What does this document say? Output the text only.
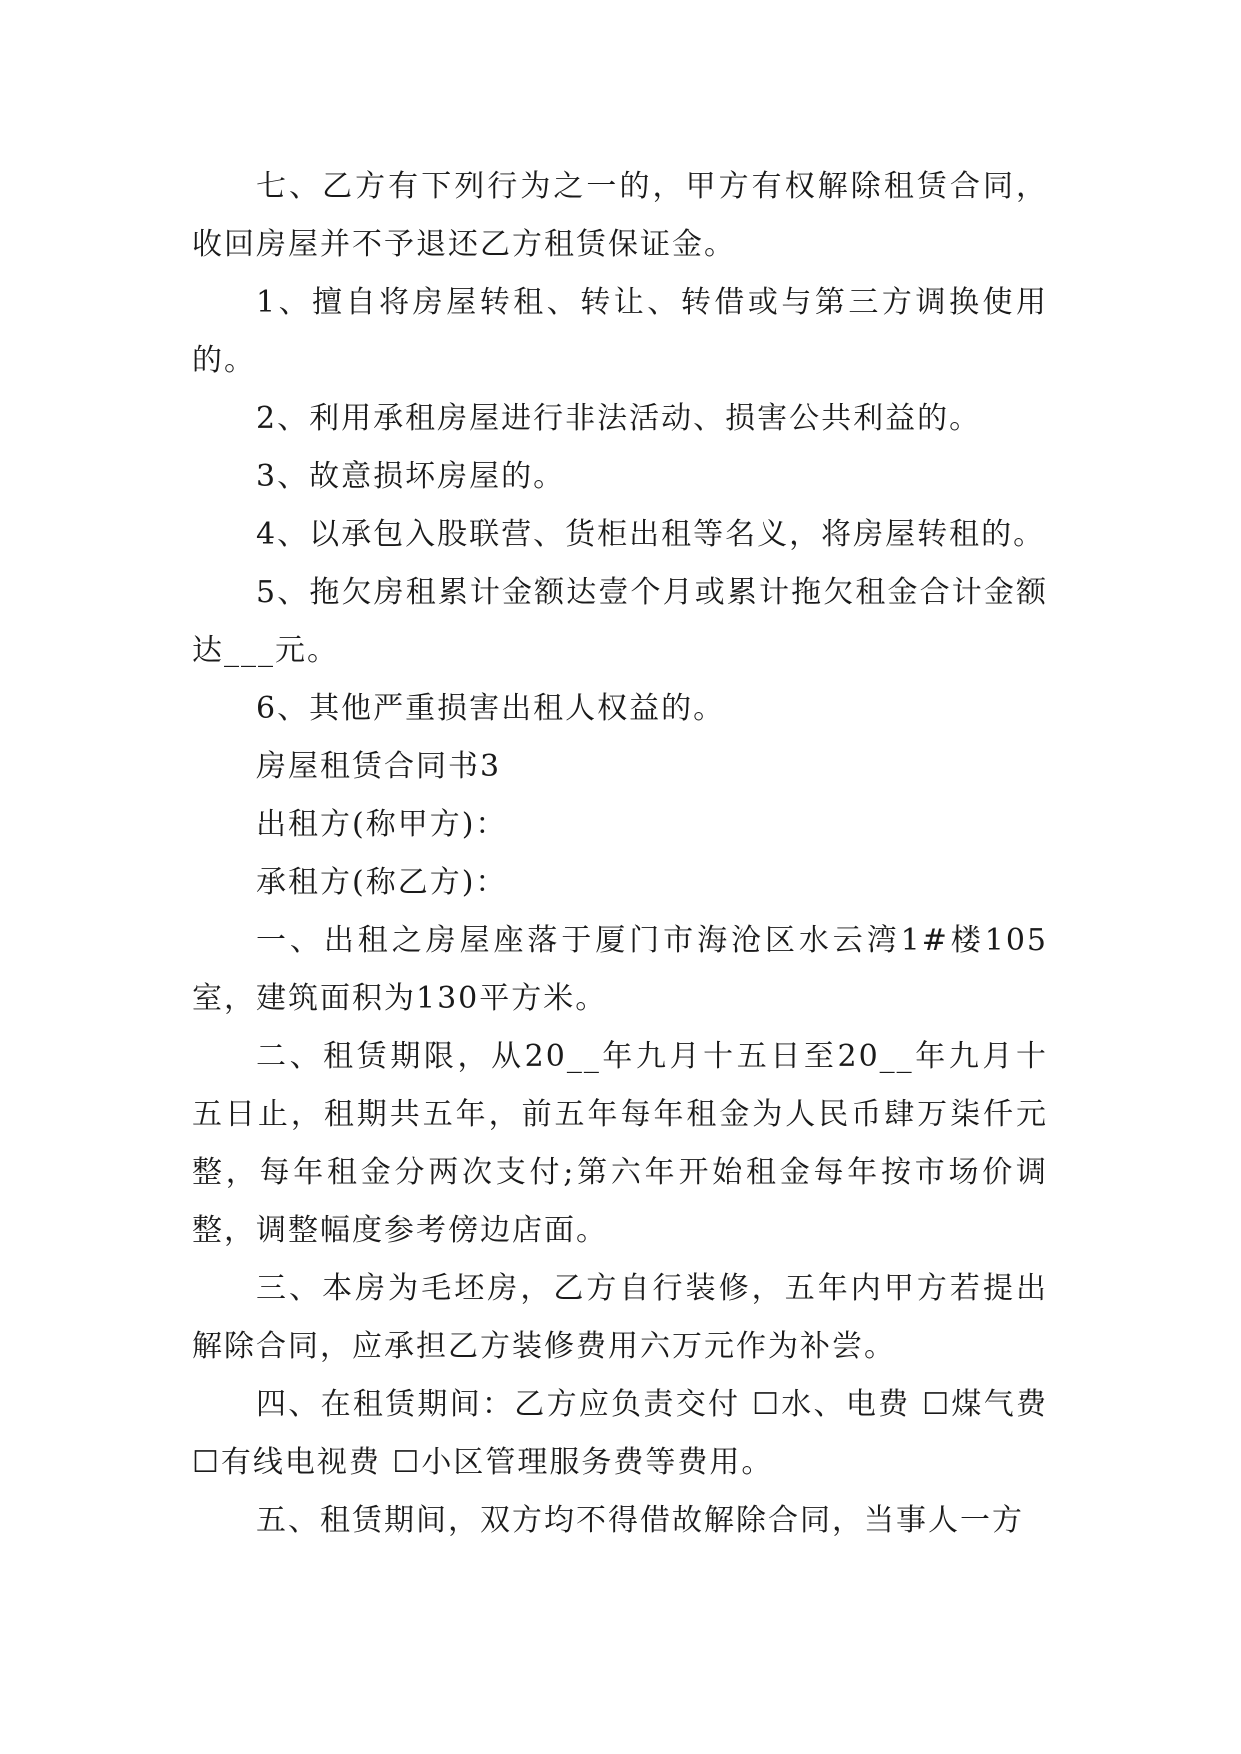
七、乙方有下列行为之一的，甲方有权解除租赁合同，收回房屋并不予退还乙方租赁保证金。

1、擅自将房屋转租、转让、转借或与第三方调换使用的。

2、利用承租房屋进行非法活动、损害公共利益的。

3、故意损坏房屋的。

4、以承包入股联营、货柜出租等名义，将房屋转租的。

5、拖欠房租累计金额达壹个月或累计拖欠租金合计金额达___元。

6、其他严重损害出租人权益的。

房屋租赁合同书3

出租方(称甲方)：

承租方(称乙方)：

一、出租之房屋座落于厦门市海沧区水云湾1#楼105室，建筑面积为130平方米。

二、租赁期限，从20__年九月十五日至20__年九月十五日止，租期共五年，前五年每年租金为人民币肆万柒仟元整，每年租金分两次支付;第六年开始租金每年按市场价调整，调整幅度参考傍边店面。

三、本房为毛坯房，乙方自行装修，五年内甲方若提出解除合同，应承担乙方装修费用六万元作为补尝。

四、在租赁期间：乙方应负责交付 ☐水、电费 ☐煤气费 ☐有线电视费 ☐小区管理服务费等费用。

五、租赁期间，双方均不得借故解除合同，当事人一方
